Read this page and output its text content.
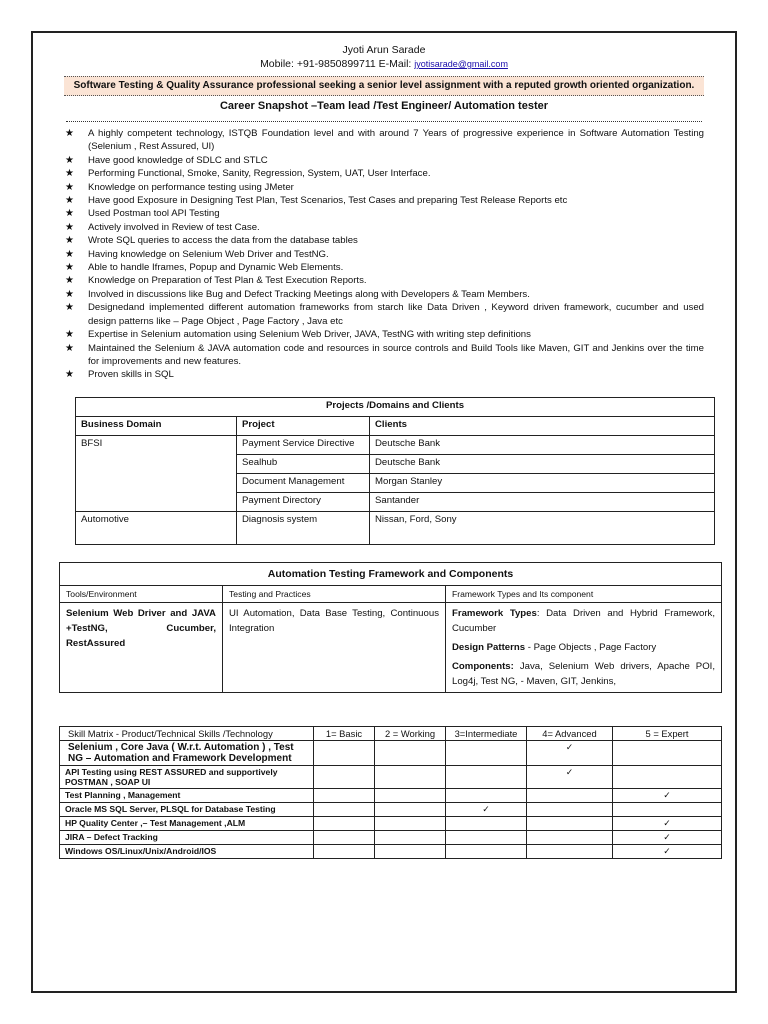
Jyoti Arun Sarade
Mobile: +91-9850899711 E-Mail: jyotisarade@gmail.com
Software Testing & Quality Assurance professional seeking a senior level assignment with a reputed growth oriented organization.
Career Snapshot –Team lead /Test Engineer/ Automation tester
★ A highly competent technology, ISTQB Foundation level and with around 7 Years of progressive experience in Software Automation Testing (Selenium , Rest Assured, UI)
★ Have good knowledge of SDLC and STLC
★ Performing Functional, Smoke, Sanity, Regression, System, UAT, User Interface.
★ Knowledge on performance testing using JMeter
★ Have good Exposure in Designing Test Plan, Test Scenarios, Test Cases and preparing Test Release Reports etc
★ Used Postman tool API Testing
★ Actively involved in Review of test Case.
★ Wrote SQL queries to access the data from the database tables
★ Having knowledge on Selenium Web Driver and TestNG.
★ Able to handle Iframes, Popup and Dynamic Web Elements.
★ Knowledge on Preparation of Test Plan & Test Execution Reports.
★ Involved in discussions like Bug and Defect Tracking Meetings along with Developers & Team Members.
★ Designedand implemented different automation frameworks from starch like Data Driven , Keyword driven framework, cucumber and used design patterns like – Page Object , Page Factory , Java etc
★ Expertise in Selenium automation using Selenium Web Driver, JAVA, TestNG with writing step definitions
★ Maintained the Selenium & JAVA automation code and resources in source controls and Build Tools like Maven, GIT and Jenkins over the time for improvements and new features.
★ Proven skills in SQL
Projects /Domains and Clients		
Business Domain	Project	Clients
BFSI	Payment Service Directive	Deutsche Bank
	Sealhub	Deutsche Bank
	Document Management	Morgan Stanley
	Payment Directory	Santander
Automotive	Diagnosis system	Nissan, Ford, Sony
Automation Testing Framework and Components		
Tools/Environment	Testing and Practices	Framework Types and Its component
Selenium Web Driver and JAVA +TestNG, Cucumber, RestAssured	UI Automation, Data Base Testing, Continuous Integration	Framework Types: Data Driven and Hybrid Framework, Cucumber
Design Patterns - Page Objects , Page Factory
Components: Java, Selenium Web drivers, Apache POI, Log4j, Test NG, - Maven, GIT, Jenkins,
Skill Matrix - Product/Technical Skills /Technology	1= Basic	2 = Working	3=Intermediate	4= Advanced	5 = Expert
Selenium , Core Java ( W.r.t. Automation ) , Test NG – Automation and Framework Development				✓	
API Testing using REST ASSURED and supportively POSTMAN , SOAP UI				✓	
Test Planning , Management					✓
Oracle MS SQL Server, PLSQL for Database Testing			✓		
HP Quality Center ,– Test Management ,ALM					✓
JIRA – Defect Tracking					✓
Windows OS/Linux/Unix/Android/IOS					✓
